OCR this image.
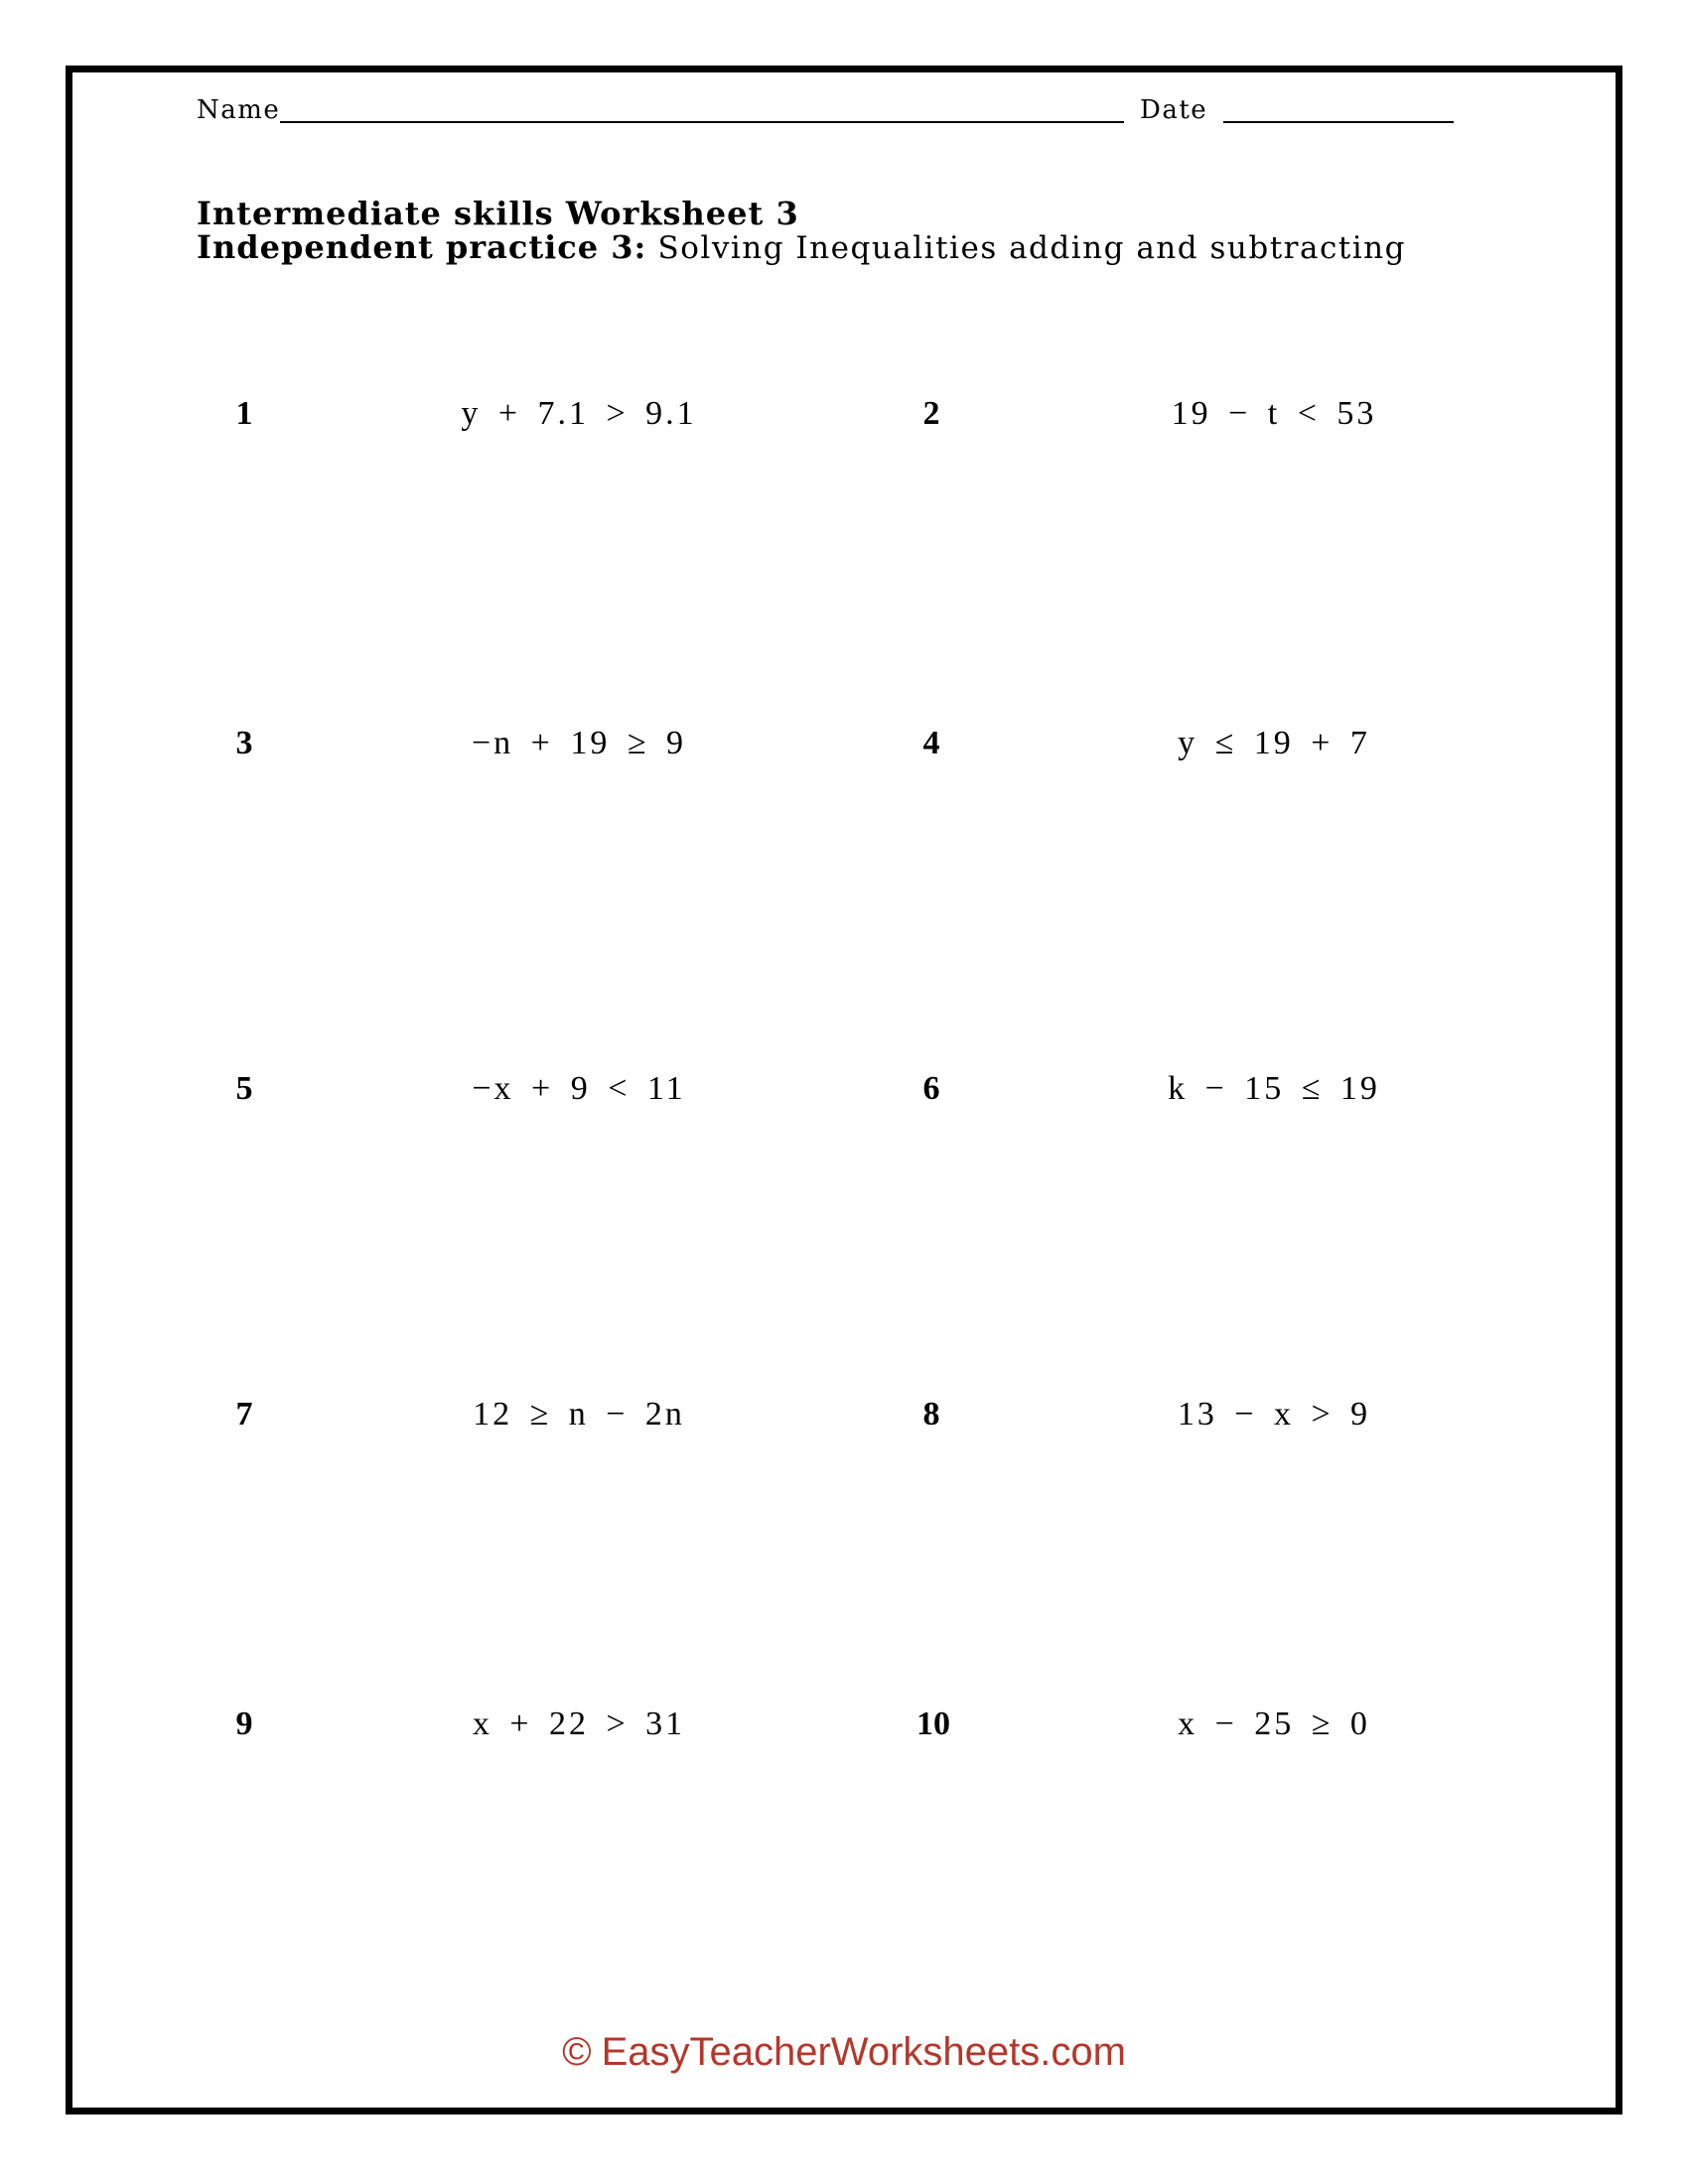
Name	Date
Intermediate skills Worksheet 3
Independent practice 3: Solving Inequalities adding and subtracting
1	y + 7.1 > 9.1	2	19 − t < 53
3	−n + 19 ≥ 9	4	y ≤ 19 + 7
5	−x + 9 < 11	6	k − 15 ≤ 19
7	12 ≥ n − 2n	8	13 − x > 9
9	x + 22 > 31	10	x − 25 ≥ 0
© EasyTeacherWorksheets.com
